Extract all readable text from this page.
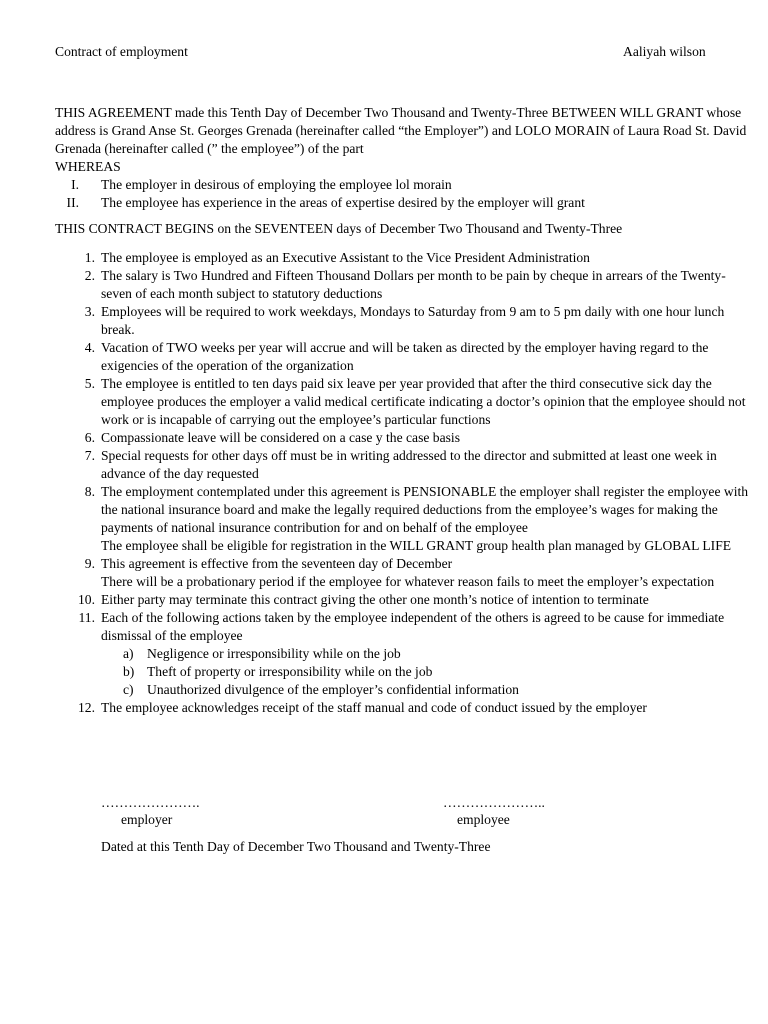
Contract of employment	Aaliyah wilson

THIS AGREEMENT made this Tenth Day of December Two Thousand and Twenty-Three BETWEEN WILL GRANT whose address is Grand Anse St. Georges Grenada (hereinafter called “the Employer”) and LOLO MORAIN of Laura Road St. David Grenada (hereinafter called (” the employee”) of the part

WHEREAS

I. The employer in desirous of employing the employee lol morain
II. The employee has experience in the areas of expertise desired by the employer will grant
THIS CONTRACT BEGINS on the SEVENTEEN days of December Two Thousand and Twenty-Three
1. The employee is employed as an Executive Assistant to the Vice President Administration
2. The salary is Two Hundred and Fifteen Thousand Dollars per month to be pain by cheque in arrears of the Twenty-seven of each month subject to statutory deductions
3. Employees will be required to work weekdays, Mondays to Saturday from 9 am to 5 pm daily with one hour lunch break.
4. Vacation of TWO weeks per year will accrue and will be taken as directed by the employer having regard to the exigencies of the operation of the organization
5. The employee is entitled to ten days paid six leave per year provided that after the third consecutive sick day the employee produces the employer a valid medical certificate indicating a doctor’s opinion that the employee should not work or is incapable of carrying out the employee’s particular functions
6. Compassionate leave will be considered on a case y the case basis
7. Special requests for other days off must be in writing addressed to the director and submitted at least one week in advance of the day requested
8. The employment contemplated under this agreement is PENSIONABLE the employer shall register the employee with the national insurance board and make the legally required deductions from the employee’s wages for making the payments of national insurance contribution for and on behalf of the employee
The employee shall be eligible for registration in the WILL GRANT group health plan managed by GLOBAL LIFE
9. This agreement is effective from the seventeen day of December
There will be a probationary period if the employee for whatever reason fails to meet the employer’s expectation
10. Either party may terminate this contract giving the other one month’s notice of intention to terminate
11. Each of the following actions taken by the employee independent of the others is agreed to be cause for immediate dismissal of the employee
a) Negligence or irresponsibility while on the job
b) Theft of property or irresponsibility while on the job
c) Unauthorized divulgence of the employer’s confidential information
12. The employee acknowledges receipt of the staff manual and code of conduct issued by the employer
………………….
employer
…………………..
employee
Dated at this Tenth Day of December Two Thousand and Twenty-Three
